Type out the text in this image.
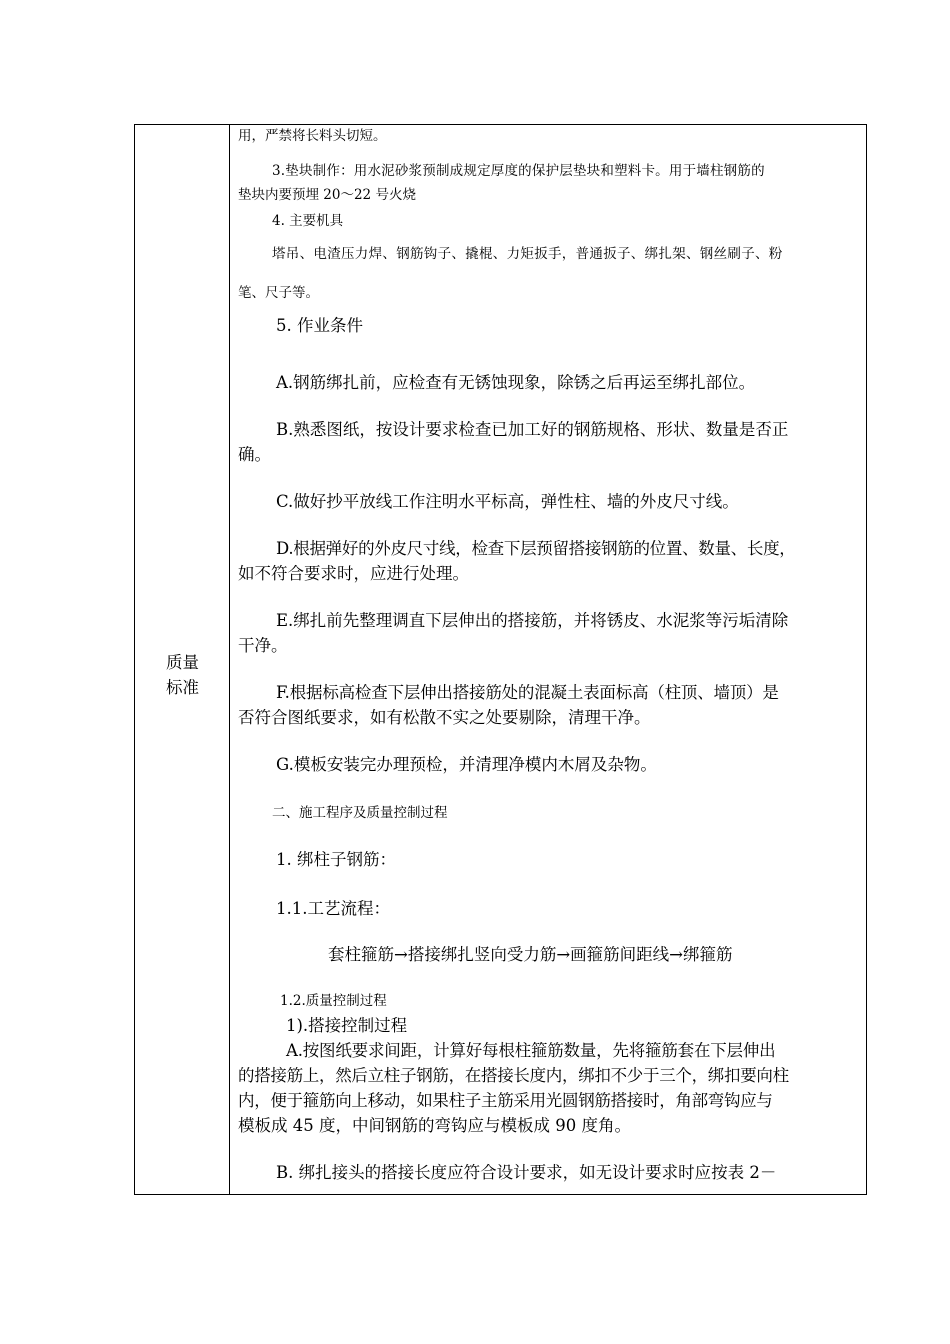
质量
标准

用，严禁将长料头切短。

3.垫块制作：用水泥砂浆预制成规定厚度的保护层垫块和塑料卡。用于墙柱钢筋的

垫块内要预埋 20～22 号火烧

4. 主要机具

塔吊、电渣压力焊、钢筋钩子、撬棍、力矩扳手，普通扳子、绑扎架、钢丝刷子、粉

笔、尺子等。

5. 作业条件

A.钢筋绑扎前，应检查有无锈蚀现象，除锈之后再运至绑扎部位。

B.熟悉图纸，按设计要求检查已加工好的钢筋规格、形状、数量是否正

确。

C.做好抄平放线工作注明水平标高，弹性柱、墙的外皮尺寸线。

D.根据弹好的外皮尺寸线，检查下层预留搭接钢筋的位置、数量、长度，

如不符合要求时，应进行处理。

E.绑扎前先整理调直下层伸出的搭接筋，并将锈皮、水泥浆等污垢清除

干净。

F.根据标高检查下层伸出搭接筋处的混凝土表面标高（柱顶、墙顶）是

否符合图纸要求，如有松散不实之处要剔除，清理干净。

G.模板安装完办理预检，并清理净模内木屑及杂物。

二、施工程序及质量控制过程

1. 绑柱子钢筋：

1.1.工艺流程：

套柱箍筋→搭接绑扎竖向受力筋→画箍筋间距线→绑箍筋

1.2.质量控制过程

1).搭接控制过程

A.按图纸要求间距，计算好每根柱箍筋数量，先将箍筋套在下层伸出

的搭接筋上，然后立柱子钢筋，在搭接长度内，绑扣不少于三个，绑扣要向柱

内，便于箍筋向上移动，如果柱子主筋采用光圆钢筋搭接时，角部弯钩应与

模板成 45 度，中间钢筋的弯钩应与模板成 90 度角。

B. 绑扎接头的搭接长度应符合设计要求，如无设计要求时应按表 2－
